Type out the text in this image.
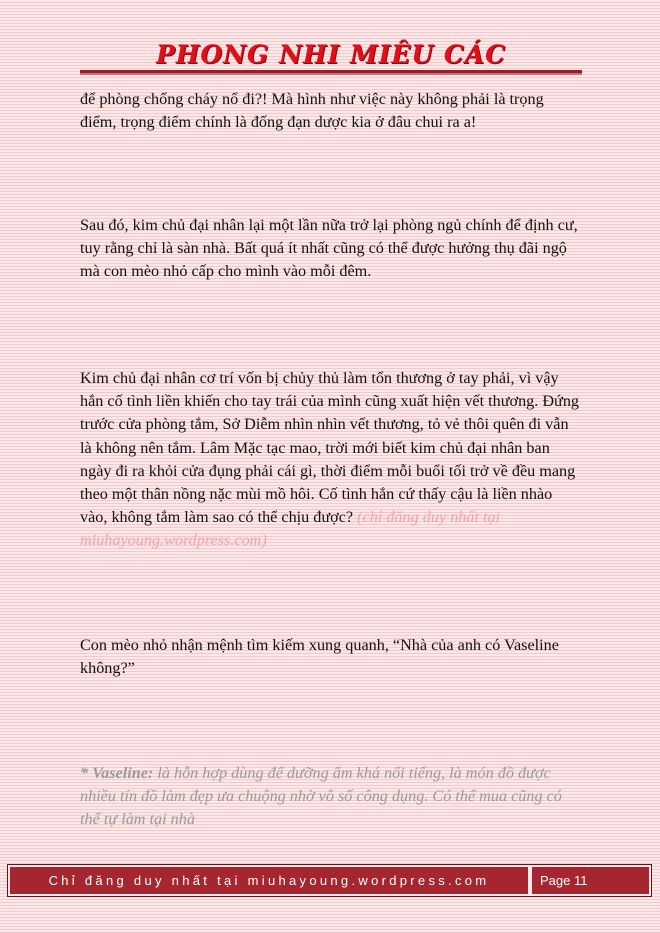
PHONG NHI MIÊU CÁC

để phòng chống cháy nổ đi?! Mà hình như việc này không phải là trọng điểm, trọng điểm chính là đống đạn dược kia ở đâu chui ra a!

Sau đó, kim chủ đại nhân lại một lần nữa trở lại phòng ngủ chính để định cư, tuy rằng chỉ là sàn nhà. Bất quá ít nhất cũng có thể được hưởng thụ đãi ngộ mà con mèo nhỏ cấp cho mình vào mỗi đêm.

Kim chủ đại nhân cơ trí vốn bị chủy thủ làm tổn thương ở tay phải, vì vậy hắn cố tình liền khiến cho tay trái của mình cũng xuất hiện vết thương. Đứng trước cửa phòng tắm, Sở Diễm nhìn nhìn vết thương, tỏ vẻ thôi quên đi vẫn là không nên tắm. Lâm Mặc tạc mao, trời mới biết kim chủ đại nhân ban ngày đi ra khỏi cửa đụng phải cái gì, thời điểm mỗi buổi tối trở về đều mang theo một thân nồng nặc mùi mồ hôi. Cố tình hắn cứ thấy cậu là liền nhào vào, không tắm làm sao có thể chịu được? (chỉ đăng duy nhất tại miuhayoung.wordpress.com)

Con mèo nhỏ nhận mệnh tìm kiếm xung quanh, “Nhà của anh có Vaseline không?”

* Vaseline: là hỗn hợp dùng để dưỡng ẩm khá nổi tiếng, là món đồ được nhiều tín đồ làm đẹp ưa chuộng nhờ vô số công dụng. Có thể mua cũng có thể tự làm tại nhà

Chỉ đăng duy nhất tại miuhayoung.wordpress.com	Page 11
